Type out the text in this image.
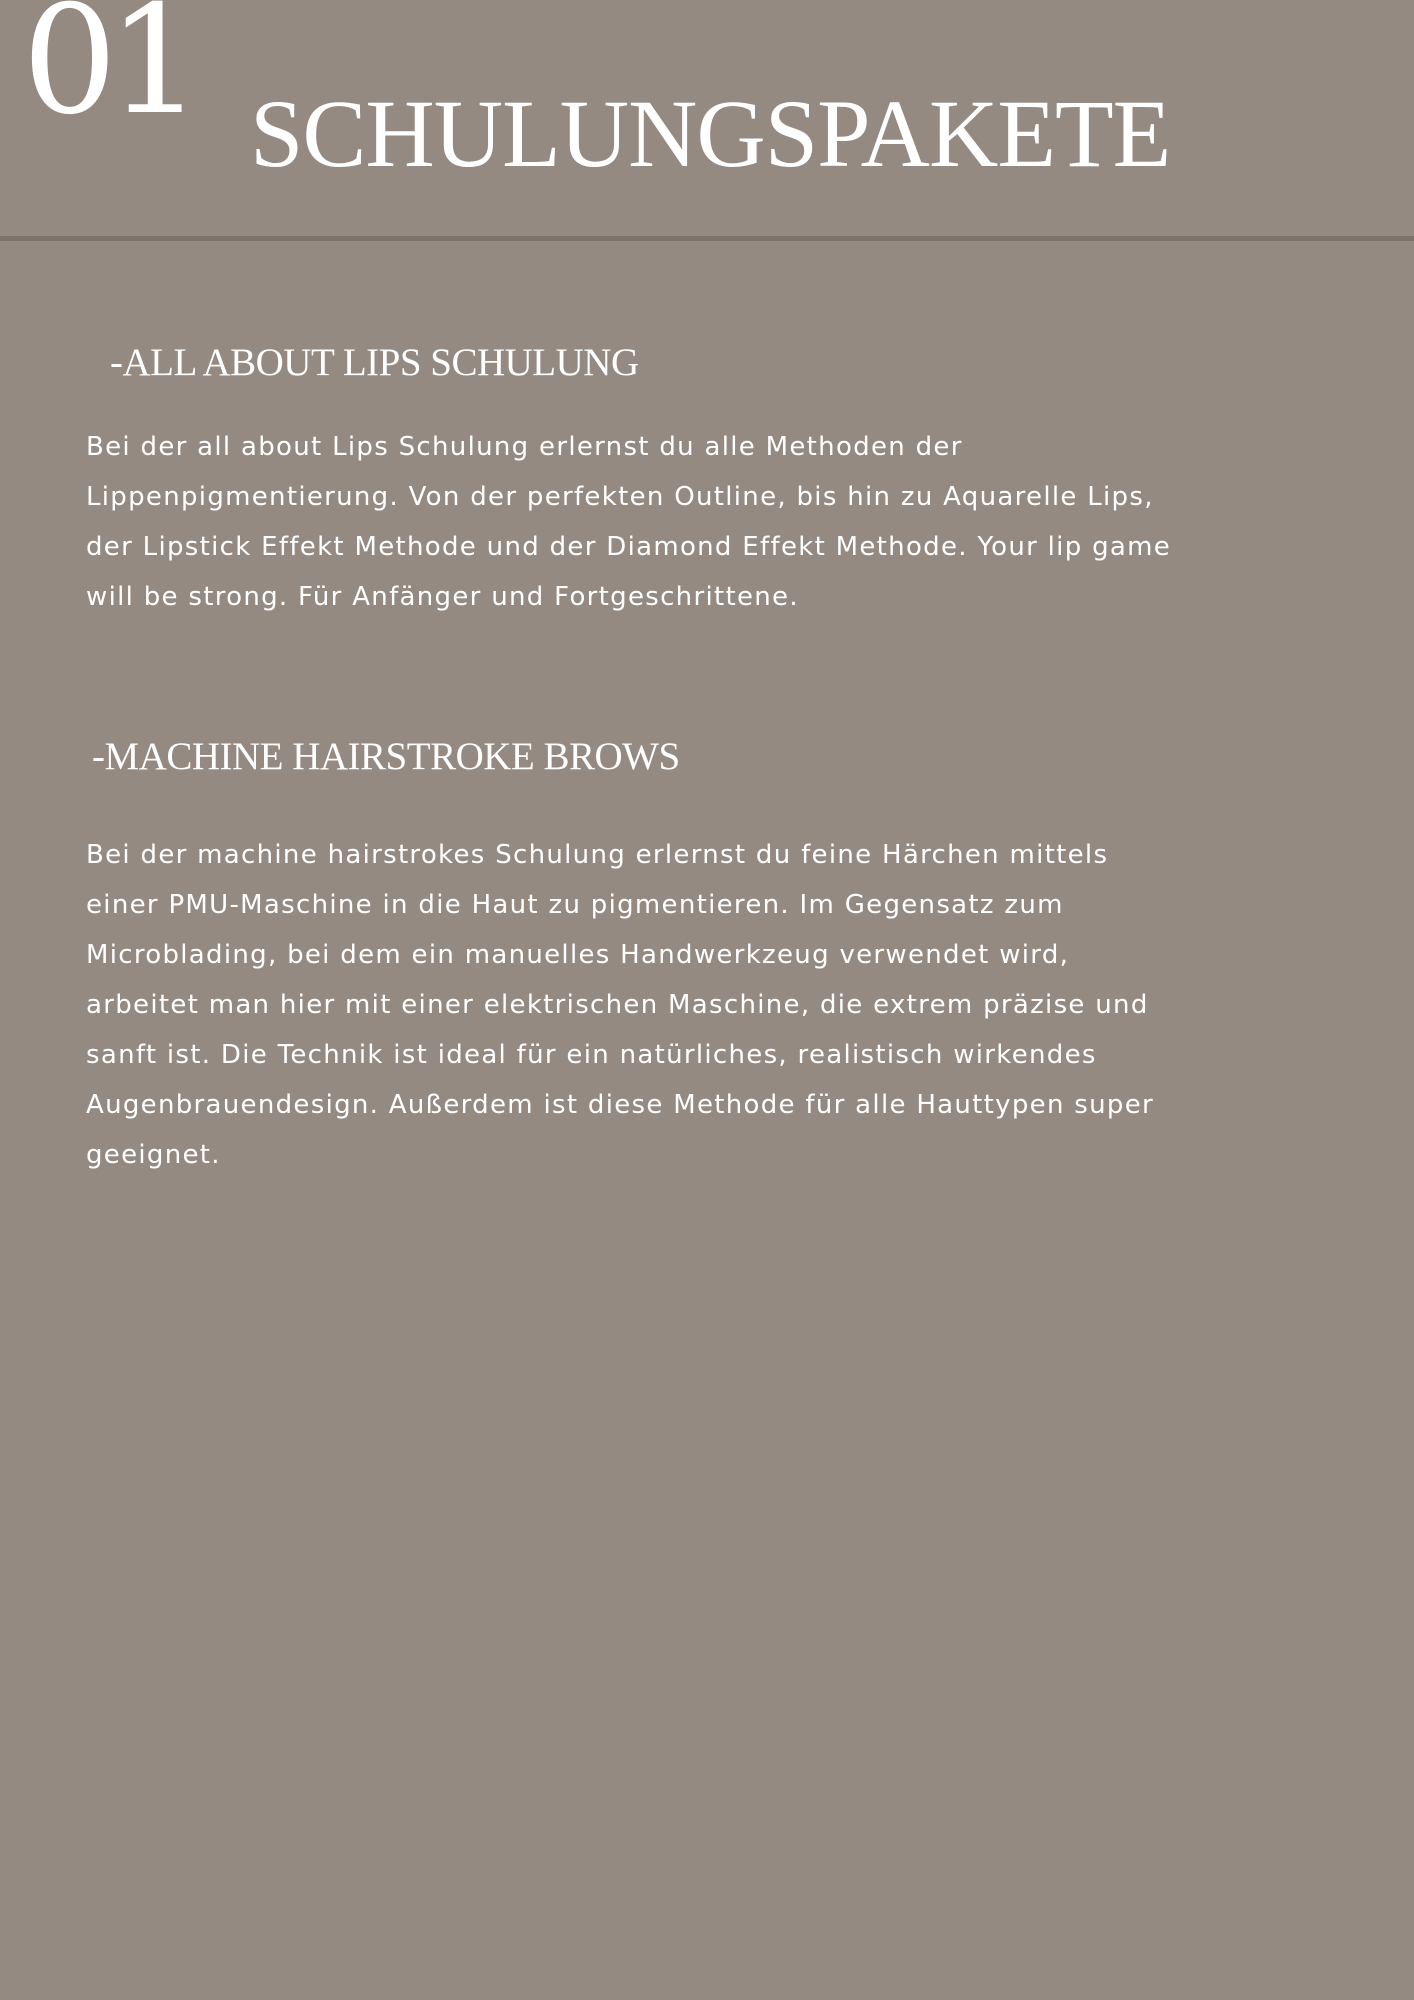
01 SCHULUNGSPAKETE
-ALL ABOUT LIPS SCHULUNG
Bei der all about Lips Schulung erlernst du alle Methoden der
Lippenpigmentierung. Von der perfekten Outline, bis hin zu Aquarelle Lips,
der Lipstick Effekt Methode und der Diamond Effekt Methode. Your lip game
will be strong. Für Anfänger und Fortgeschrittene.
-MACHINE HAIRSTROKE BROWS
Bei der machine hairstrokes Schulung erlernst du feine Härchen mittels
einer PMU-Maschine in die Haut zu pigmentieren. Im Gegensatz zum
Microblading, bei dem ein manuelles Handwerkzeug verwendet wird,
arbeitet man hier mit einer elektrischen Maschine, die extrem präzise und
sanft ist. Die Technik ist ideal für ein natürliches, realistisch wirkendes
Augenbrauendesign. Außerdem ist diese Methode für alle Hauttypen super
geeignet.
